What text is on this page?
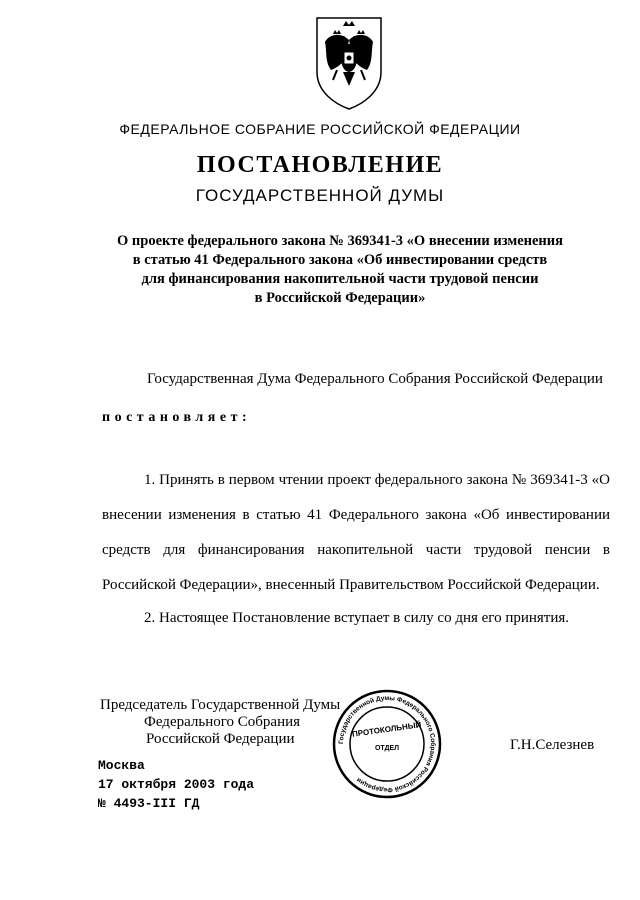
ФЕДЕРАЛЬНОЕ СОБРАНИЕ РОССИЙСКОЙ ФЕДЕРАЦИИ
ПОСТАНОВЛЕНИЕ
ГОСУДАРСТВЕННОЙ ДУМЫ
О проекте федерального закона № 369341-3 «О внесении изменения
в статью 41 Федерального закона «Об инвестировании средств
для финансирования накопительной части трудовой пенсии
в Российской Федерации»
Государственная Дума Федерального Собрания Российской Федерации
постановляет:
1. Принять в первом чтении проект федерального закона № 369341-3 «О
внесении изменения в статью 41 Федерального закона «Об инвестировании
средств для финансирования накопительной части трудовой пенсии в
Российской Федерации», внесенный Правительством Российской Федерации.
2. Настоящее Постановление вступает в силу со дня его принятия.
Председатель Государственной Думы
Федерального Собрания
Российской Федерации	Государственной Думы Федерального Собрания Российской Федерации
ПРОТОКОЛЬНЫЙ
ОТДЕЛ	Г.Н.Селезнев
Москва
17 октября 2003 года
№ 4493-III ГД
